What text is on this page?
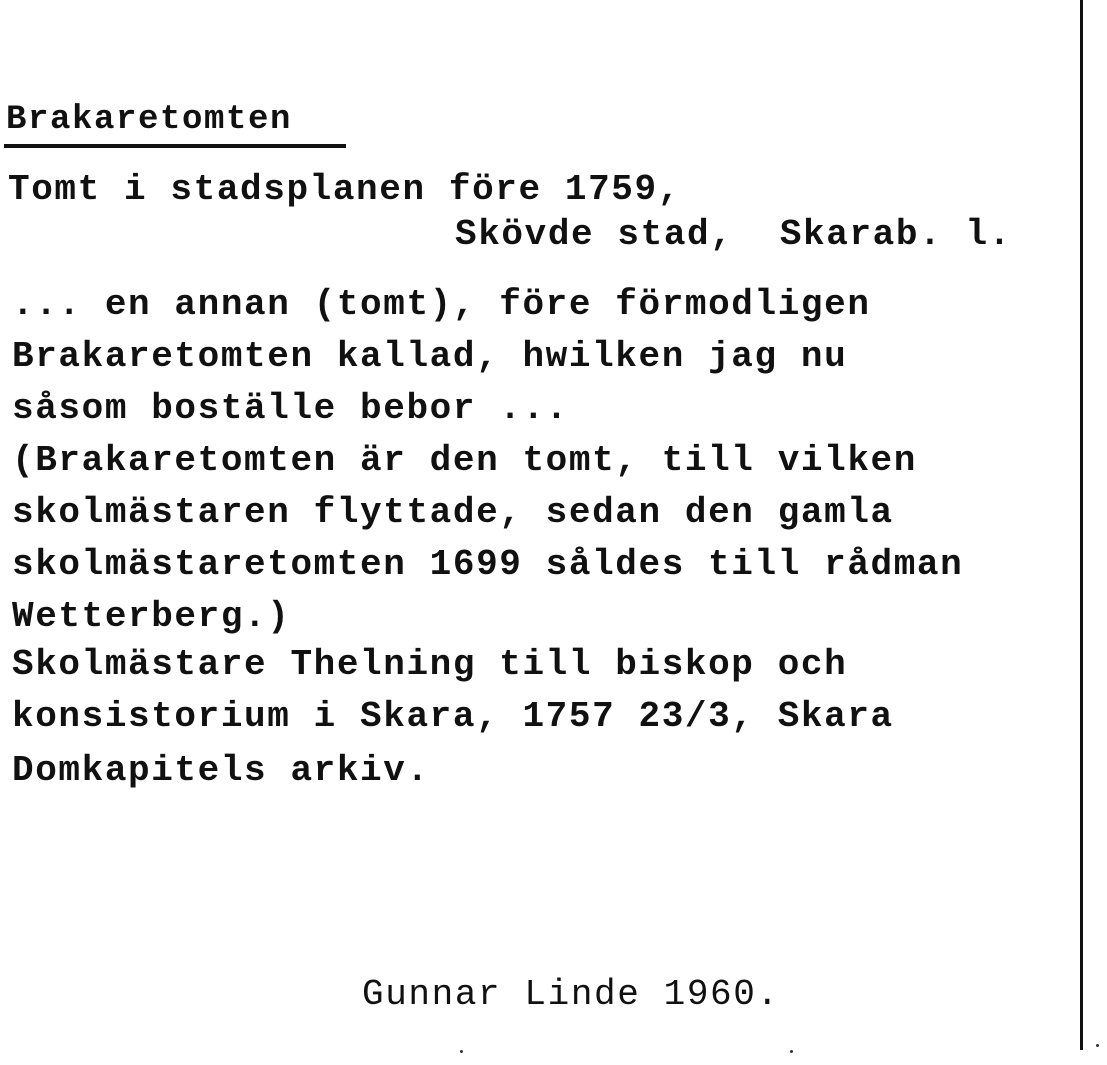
Brakaretomten
Tomt i stadsplanen före 1759,
Skövde stad,  Skarab. l.
... en annan (tomt), före förmodligen
Brakaretomten kallad, hwilken jag nu
såsom boställe bebor ...
(Brakaretomten är den tomt, till vilken
skolmästaren flyttade, sedan den gamla
skolmästaretomten 1699 såldes till rådman
Wetterberg.)
Skolmästare Thelning till biskop och
konsistorium i Skara, 1757 23/3, Skara
Domkapitels arkiv.
Gunnar Linde 1960.
